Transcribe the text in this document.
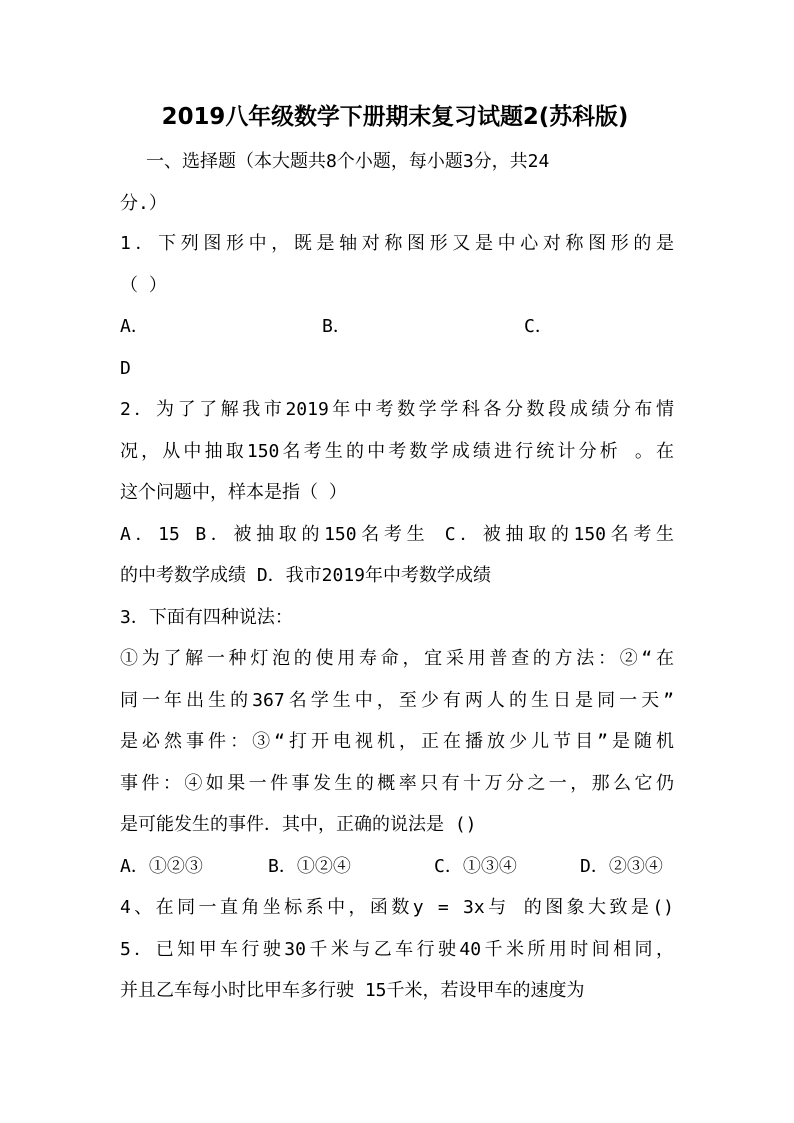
2019八年级数学下册期末复习试题2(苏科版)
一、选择题（本大题共8个小题，每小题3分，共24
分.）
1．下列图形中，既是轴对称图形又是中心对称图形的是
（ ）
A．	B．	C．
D
2．为了了解我市2019年中考数学学科各分数段成绩分布情
况，从中抽取150名考生的中考数学成绩进行统计分析 。在
这个问题中，样本是指（ ）
A．15 B．被抽取的150名考生 C．被抽取的150名考生
的中考数学成绩 D．我市2019年中考数学成绩
3．下面有四种说法：
①为了解一种灯泡的使用寿命，宜采用普查的方法：②“在
同一年出生的367名学生中，至少有两人的生日是同一天”
是必然事件：③“打开电视机，正在播放少儿节目”是随机
事件：④如果一件事发生的概率只有十万分之一，那么它仍
是可能发生的事件．其中，正确的说法是 ()
A．①②③	B．①②④	C．①③④	D．②③④
4、在同一直角坐标系中，函数y = 3x与 的图象大致是()
5．已知甲车行驶30千米与乙车行驶40千米所用时间相同，
并且乙车每小时比甲车多行驶 15千米，若设甲车的速度为
